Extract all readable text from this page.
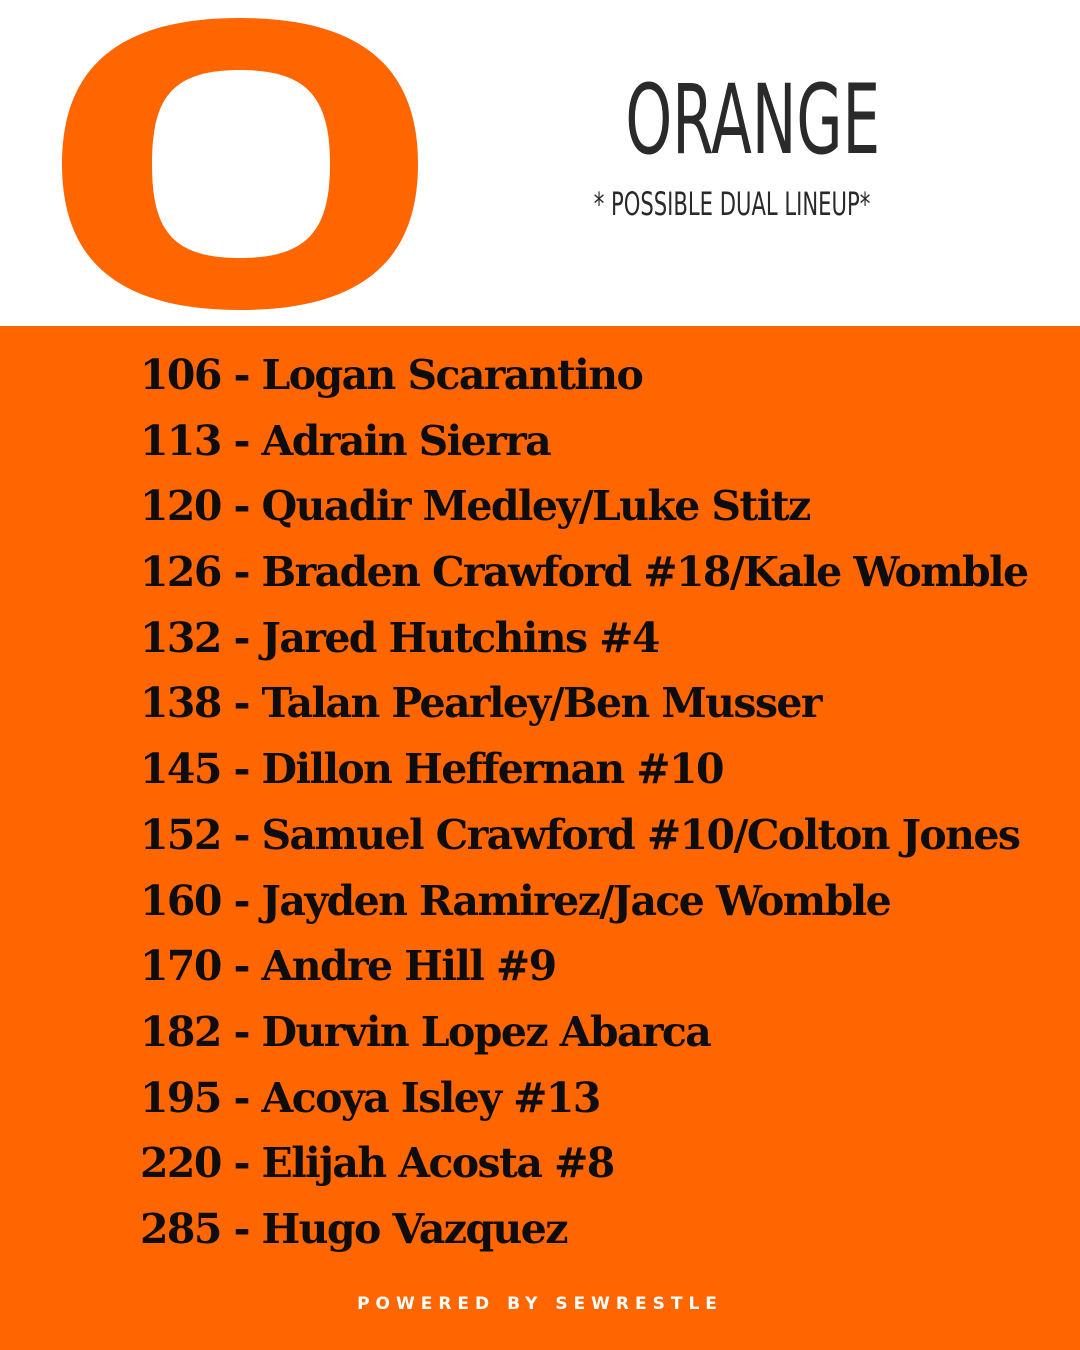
ORANGE
* POSSIBLE DUAL LINEUP*
106 - Logan Scarantino
113 - Adrain Sierra
120 - Quadir Medley/Luke Stitz
126 - Braden Crawford #18/Kale Womble
132 - Jared Hutchins #4
138 - Talan Pearley/Ben Musser
145 - Dillon Heffernan #10
152 - Samuel Crawford #10/Colton Jones
160 - Jayden Ramirez/Jace Womble
170 - Andre Hill #9
182 - Durvin Lopez Abarca
195 - Acoya Isley #13
220 - Elijah Acosta #8
285 - Hugo Vazquez
POWERED BY SEWRESTLE
